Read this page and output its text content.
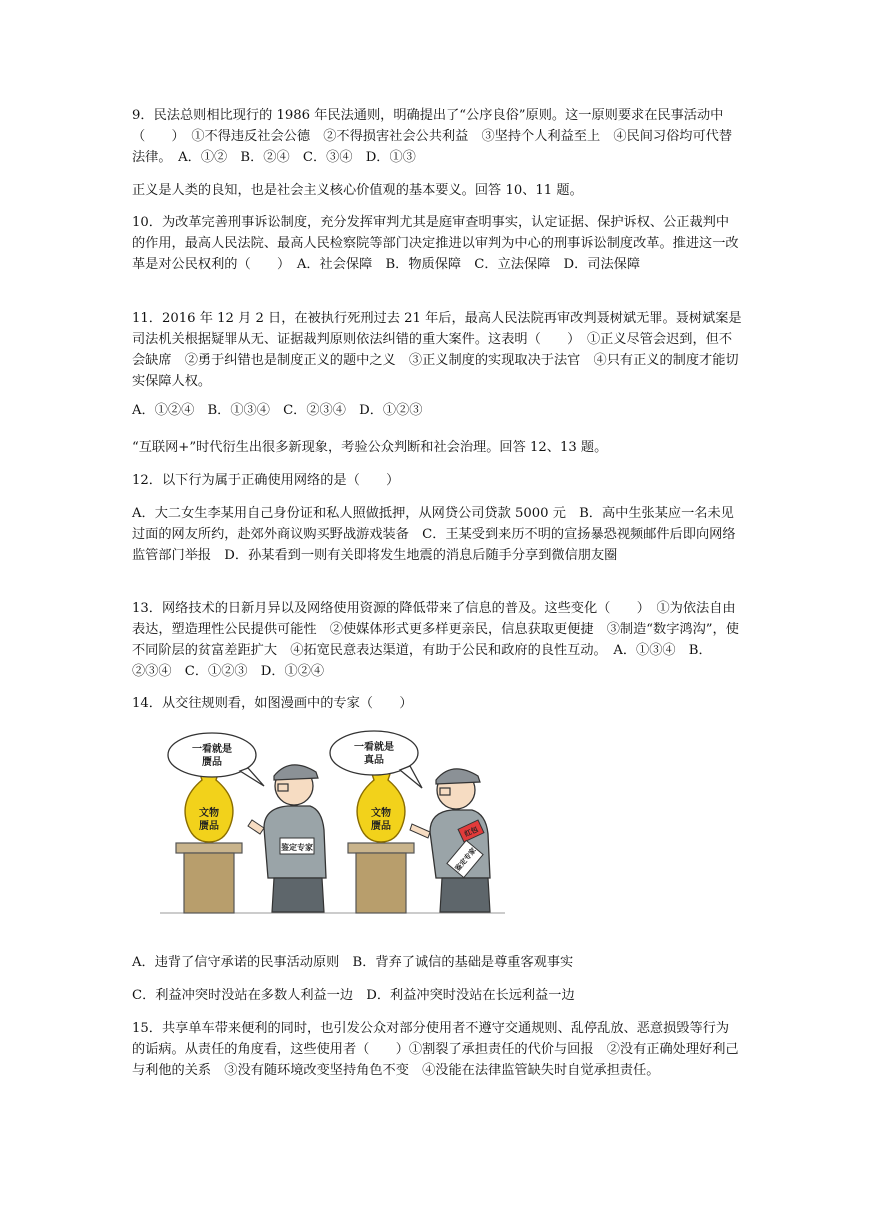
9．民法总则相比现行的 1986 年民法通则，明确提出了“公序良俗”原则。这一原则要求在民事活动中（　　）　①不得违反社会公德　②不得损害社会公共利益　③坚持个人利益至上　④民间习俗均可代替法律。　A．①②　B．②④　C．③④　D．①③

正义是人类的良知，也是社会主义核心价值观的基本要义。回答 10、11 题。

10．为改革完善刑事诉讼制度，充分发挥审判尤其是庭审查明事实，认定证据、保护诉权、公正裁判中的作用，最高人民法院、最高人民检察院等部门决定推进以审判为中心的刑事诉讼制度改革。推进这一改革是对公民权利的（　　）　A．社会保障　B．物质保障　C．立法保障　D．司法保障

11．2016 年 12 月 2 日，在被执行死刑过去 21 年后，最高人民法院再审改判聂树斌无罪。聂树斌案是司法机关根据疑罪从无、证据裁判原则依法纠错的重大案件。这表明（　　）　①正义尽管会迟到，但不会缺席　②勇于纠错也是制度正义的题中之义　③正义制度的实现取决于法官　④只有正义的制度才能切实保障人权。

A．①②④　B．①③④　C．②③④　D．①②③

“互联网+”时代衍生出很多新现象，考验公众判断和社会治理。回答 12、13 题。

12．以下行为属于正确使用网络的是（　　）

A．大二女生李某用自己身份证和私人照做抵押，从网贷公司贷款 5000 元　B．高中生张某应一名未见过面的网友所约，赴郊外商议购买野战游戏装备　C．王某受到来历不明的宣扬暴恐视频邮件后即向网络监管部门举报　D．孙某看到一则有关即将发生地震的消息后随手分享到微信朋友圈

13．网络技术的日新月异以及网络使用资源的降低带来了信息的普及。这些变化（　　）　①为依法自由表达，塑造理性公民提供可能性　②使媒体形式更多样更亲民，信息获取更便捷　③制造“数字鸿沟”，使不同阶层的贫富差距扩大　④拓宽民意表达渠道，有助于公民和政府的良性互动。　A．①③④　B．②③④　C．①②③　D．①②④

14．从交往规则看，如图漫画中的专家（　　）

文物
赝品
一看就是
赝品
鉴定专家
文物
赝品
一看就是
真品
红包
鉴定专家

A．违背了信守承诺的民事活动原则　B．背弃了诚信的基础是尊重客观事实

C．利益冲突时没站在多数人利益一边　D．利益冲突时没站在长远利益一边

15．共享单车带来便利的同时，也引发公众对部分使用者不遵守交通规则、乱停乱放、恶意损毁等行为的诟病。从责任的角度看，这些使用者（　　）①割裂了承担责任的代价与回报　②没有正确处理好利己与利他的关系　③没有随环境改变坚持角色不变　④没能在法律监管缺失时自觉承担责任。
